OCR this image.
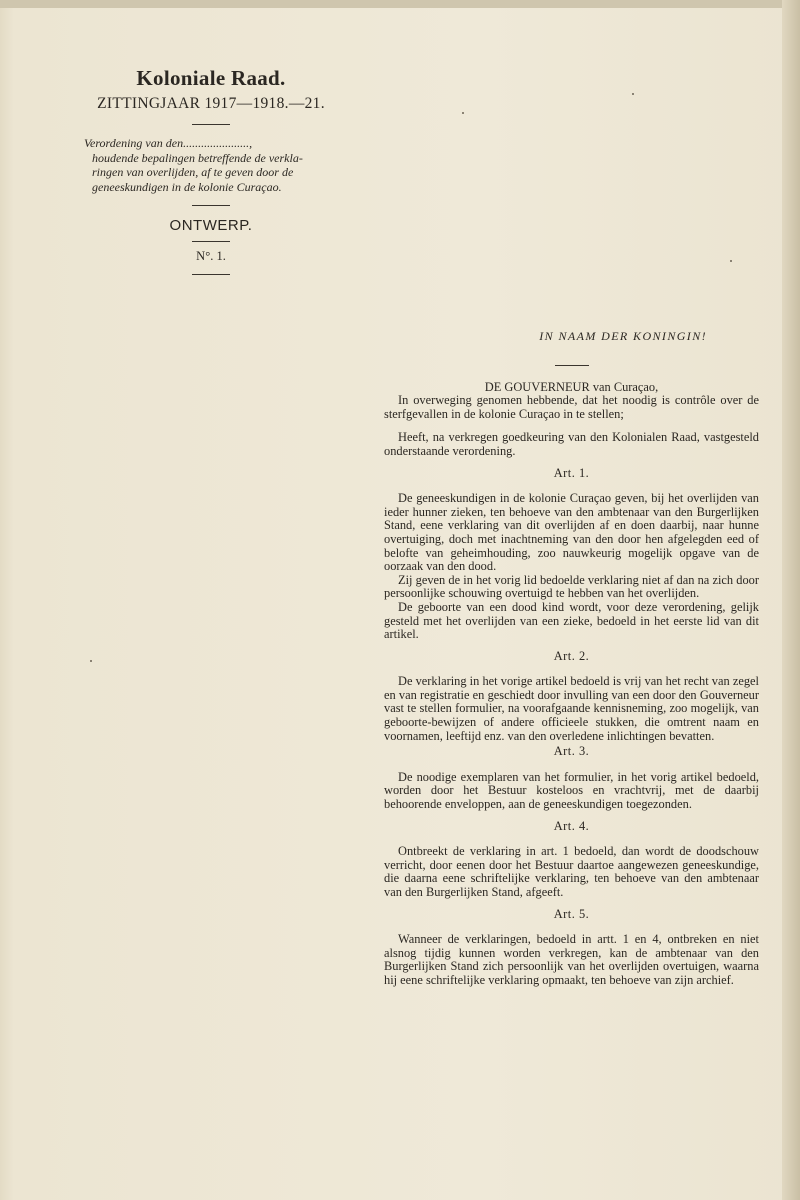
Koloniale Raad.
ZITTINGJAAR 1917—1918.—21.
Verordening van den......................,
houdende bepalingen betreffende de verkla-
ringen van overlijden, af te geven door de
geneeskundigen in de kolonie Curaçao.
ONTWERP.
N°. 1.
IN NAAM DER KONINGIN!
DE GOUVERNEUR van Curaçao,

In overweging genomen hebbende, dat het noodig is contrôle over de sterfgevallen in de kolonie Curaçao in te stellen;

Heeft, na verkregen goedkeuring van den Kolonialen Raad, vastgesteld onderstaande verordening.

Art. 1.

De geneeskundigen in de kolonie Curaçao geven, bij het overlijden van ieder hunner zieken, ten behoeve van den ambtenaar van den Burgerlijken Stand, eene verklaring van dit overlijden af en doen daarbij, naar hunne overtuiging, doch met inachtneming van den door hen afgelegden eed of belofte van geheimhouding, zoo nauwkeurig mogelijk opgave van de oorzaak van den dood.

Zij geven de in het vorig lid bedoelde verklaring niet af dan na zich door persoonlijke schouwing overtuigd te hebben van het overlijden.

De geboorte van een dood kind wordt, voor deze verordening, gelijk gesteld met het overlijden van een zieke, bedoeld in het eerste lid van dit artikel.

Art. 2.

De verklaring in het vorige artikel bedoeld is vrij van het recht van zegel en van registratie en geschiedt door invulling van een door den Gouverneur vast te stellen formulier, na voorafgaande kennisneming, zoo mogelijk, van geboorte-bewijzen of andere officieele stukken, die omtrent naam en voornamen, leeftijd enz. van den overledene inlichtingen bevatten.

Art. 3.

De noodige exemplaren van het formulier, in het vorig artikel bedoeld, worden door het Bestuur kosteloos en vrachtvrij, met de daarbij behoorende enveloppen, aan de geneeskundigen toegezonden.

Art. 4.

Ontbreekt de verklaring in art. 1 bedoeld, dan wordt de doodschouw verricht, door eenen door het Bestuur daartoe aangewezen geneeskundige, die daarna eene schriftelijke verklaring, ten behoeve van den ambtenaar van den Burgerlijken Stand, afgeeft.

Art. 5.

Wanneer de verklaringen, bedoeld in artt. 1 en 4, ontbreken en niet alsnog tijdig kunnen worden verkregen, kan de ambtenaar van den Burgerlijken Stand zich persoonlijk van het overlijden overtuigen, waarna hij eene schriftelijke verklaring opmaakt, ten behoeve van zijn archief.
